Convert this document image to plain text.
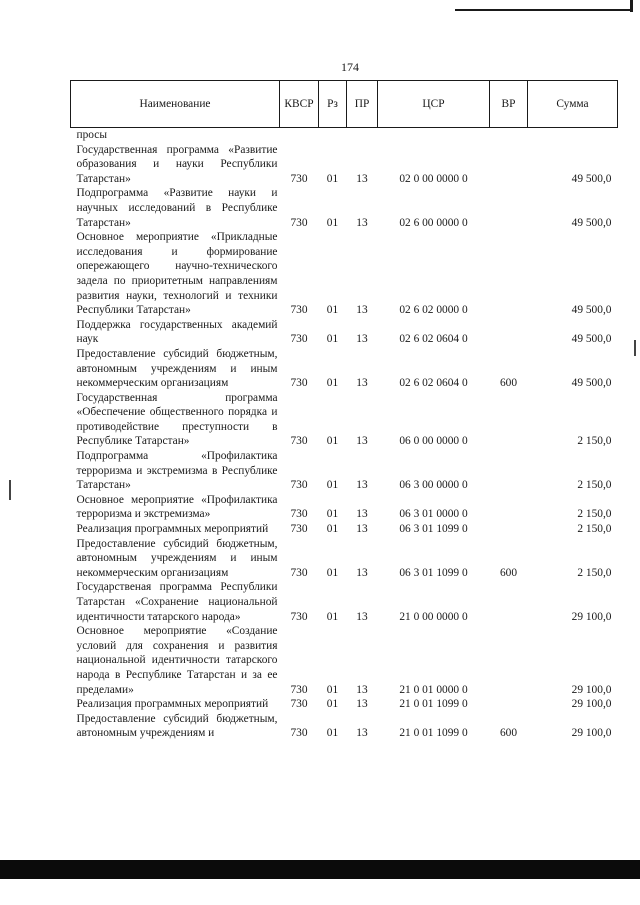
174
Наименование	КВСР	Рз	ПР	ЦСР	ВР	Сумма
просы						
Государственная программа «Развитие образования и науки Республики Татарстан»	730	01	13	02 0 00 0000 0		49 500,0
Подпрограмма «Развитие науки и научных исследований в Республике Татарстан»	730	01	13	02 6 00 0000 0		49 500,0
Основное мероприятие «Прикладные исследования и формирование опережающего научно-технического задела по приоритетным направлениям развития науки, технологий и техники Республики Татарстан»	730	01	13	02 6 02 0000 0		49 500,0
Поддержка государственных академий наук	730	01	13	02 6 02 0604 0		49 500,0
Предоставление субсидий бюджетным, автономным учреждениям и иным некоммерческим организациям	730	01	13	02 6 02 0604 0	600	49 500,0
Государственная программа «Обеспечение общественного порядка и противодействие преступности в Республике Татарстан»	730	01	13	06 0 00 0000 0		2 150,0
Подпрограмма «Профилактика терроризма и экстремизма в Республике Татарстан»	730	01	13	06 3 00 0000 0		2 150,0
Основное мероприятие «Профилактика терроризма и экстремизма»	730	01	13	06 3 01 0000 0		2 150,0
Реализация программных мероприятий	730	01	13	06 3 01 1099 0		2 150,0
Предоставление субсидий бюджетным, автономным учреждениям и иным некоммерческим организациям	730	01	13	06 3 01 1099 0	600	2 150,0
Государственая программа Республики Татарстан «Сохранение национальной идентичности татарского народа»	730	01	13	21 0 00 0000 0		29 100,0
Основное мероприятие «Создание условий для сохранения и развития национальной идентичности татарского народа в Республике Татарстан и за ее пределами»	730	01	13	21 0 01 0000 0		29 100,0
Реализация программных мероприятий	730	01	13	21 0 01 1099 0		29 100,0
Предоставление субсидий бюджетным, автономным учреждениям и	730	01	13	21 0 01 1099 0	600	29 100,0
